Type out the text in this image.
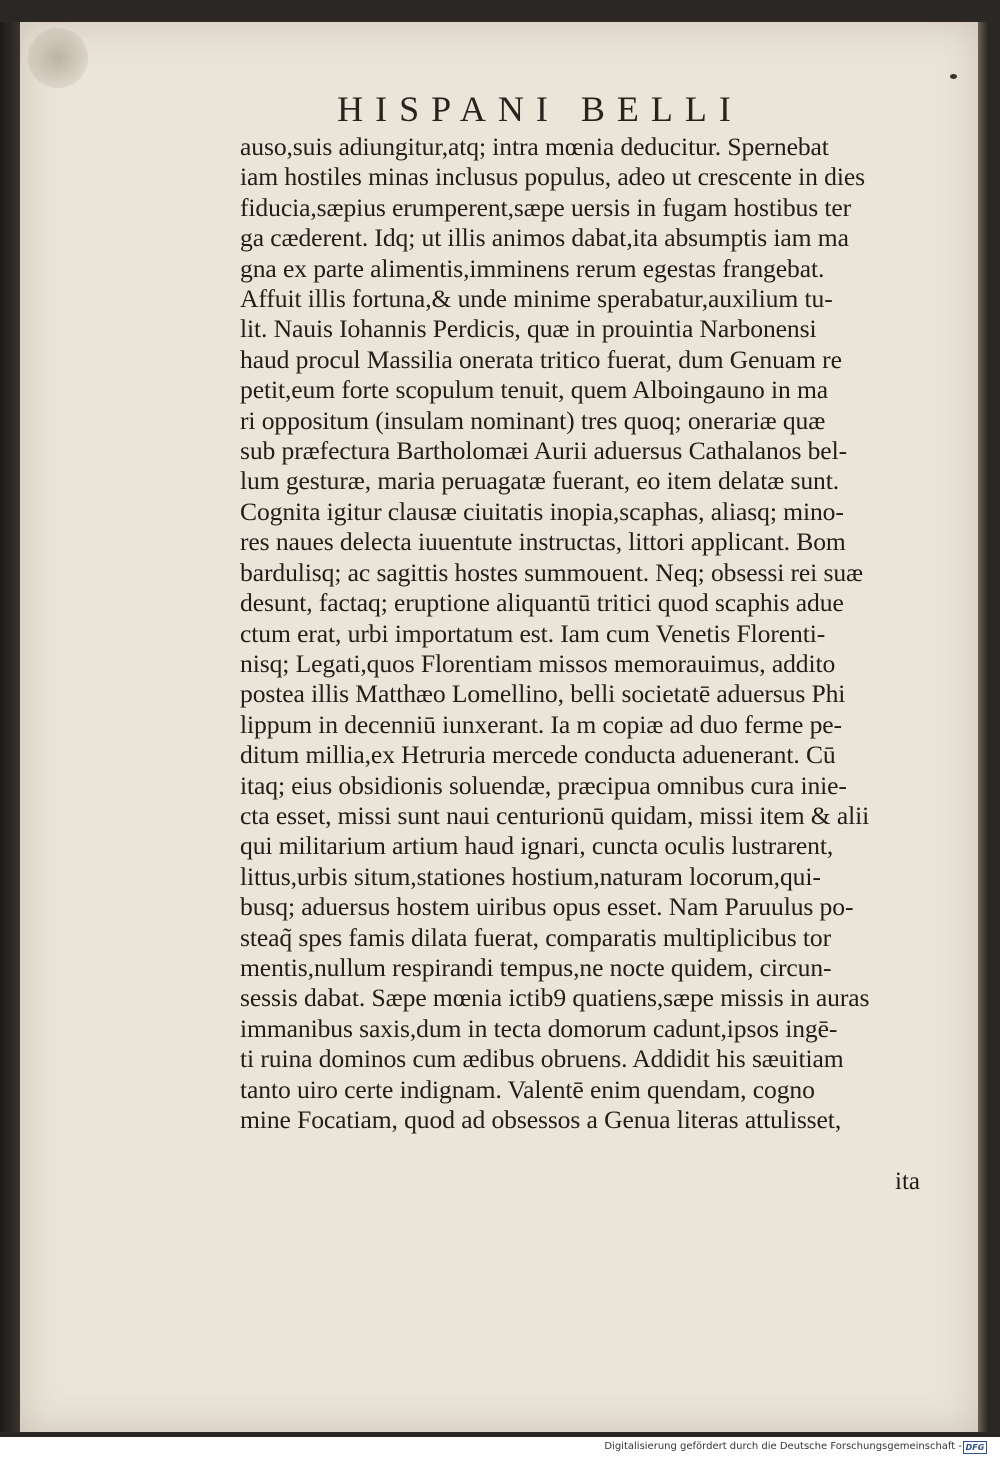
HISPANI BELLI
auso,suis adiungitur,atq; intra mœnia deducitur. Spernebat
iam hostiles minas inclusus populus, adeo ut crescente in dies
fiducia,sæpius erumperent,sæpe uersis in fugam hostibus ter
ga cæderent. Idq; ut illis animos dabat,ita absumptis iam ma
gna ex parte alimentis,imminens rerum egestas frangebat.
Affuit illis fortuna,& unde minime sperabatur,auxilium tu-
lit. Nauis Iohannis Perdicis, quæ in prouintia Narbonensi
haud procul Massilia onerata tritico fuerat, dum Genuam re
petit,eum forte scopulum tenuit, quem Alboingauno in ma
ri oppositum (insulam nominant) tres quoq; onerariæ quæ
sub præfectura Bartholomæi Aurii aduersus Cathalanos bel-
lum gesturæ, maria peruagatæ fuerant, eo item delatæ sunt.
Cognita igitur clausæ ciuitatis inopia,scaphas, aliasq; mino-
res naues delecta iuuentute instructas, littori applicant. Bom
bardulisq; ac sagittis hostes summouent. Neq; obsessi rei suæ
desunt, factaq; eruptione aliquantū tritici quod scaphis adue
ctum erat, urbi importatum est. Iam cum Venetis Florenti-
nisq; Legati,quos Florentiam missos memorauimus, addito
postea illis Matthæo Lomellino, belli societatē aduersus Phi
lippum in decenniū iunxerant. Ia m copiæ ad duo ferme pe-
ditum millia,ex Hetruria mercede conducta aduenerant. Cū
itaq; eius obsidionis soluendæ, præcipua omnibus cura inie-
cta esset, missi sunt naui centurionū quidam, missi item & alii
qui militarium artium haud ignari, cuncta oculis lustrarent,
littus,urbis situm,stationes hostium,naturam locorum,qui-
busq; aduersus hostem uiribus opus esset. Nam Paruulus po-
steaq̃ spes famis dilata fuerat, comparatis multiplicibus tor
mentis,nullum respirandi tempus,ne nocte quidem, circun-
sessis dabat. Sæpe mœnia ictib9 quatiens,sæpe missis in auras
immanibus saxis,dum in tecta domorum cadunt,ipsos ingē-
ti ruina dominos cum ædibus obruens. Addidit his sæuitiam
tanto uiro certe indignam. Valentē enim quendam, cogno
mine Focatiam, quod ad obsessos a Genua literas attulisset,
ita
Digitalisierung gefördert durch die Deutsche Forschungsgemeinschaft - DFG
